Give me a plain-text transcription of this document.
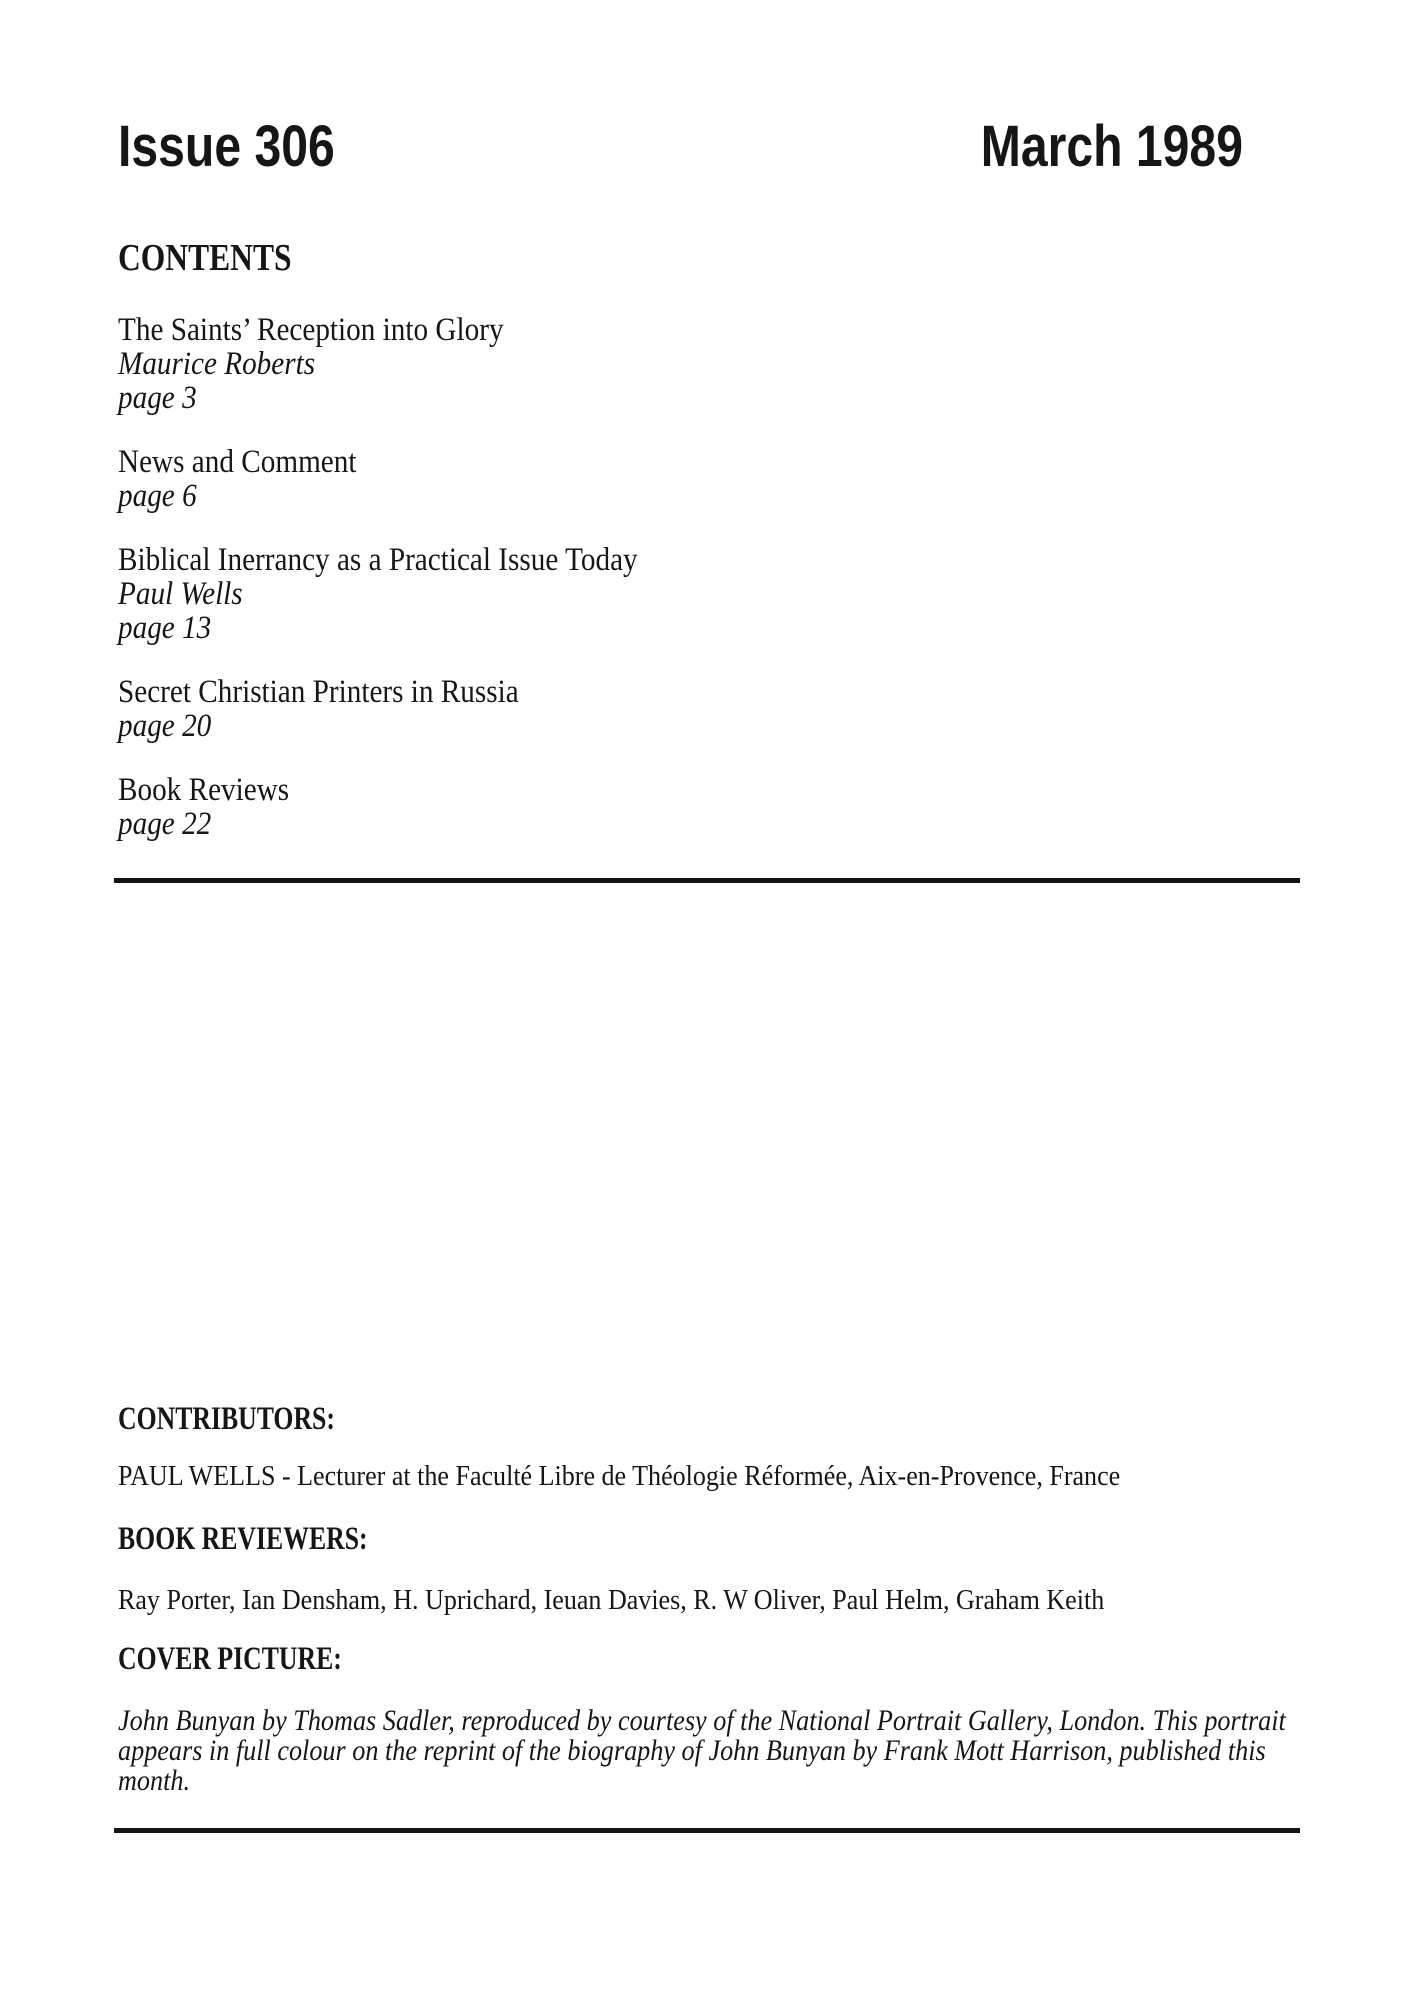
Issue 306	March 1989
CONTENTS
The Saints’ Reception into Glory
Maurice Roberts
page 3
News and Comment
page 6
Biblical Inerrancy as a Practical Issue Today
Paul Wells
page 13
Secret Christian Printers in Russia
page 20
Book Reviews
page 22
CONTRIBUTORS:
PAUL WELLS - Lecturer at the Faculté Libre de Théologie Réformée, Aix-en-Provence, France
BOOK REVIEWERS:
Ray Porter, Ian Densham, H. Uprichard, Ieuan Davies, R. W Oliver, Paul Helm, Graham Keith
COVER PICTURE:
John Bunyan by Thomas Sadler, reproduced by courtesy of the National Portrait Gallery, London. This portrait
appears in full colour on the reprint of the biography of John Bunyan by Frank Mott Harrison, published this
month.
